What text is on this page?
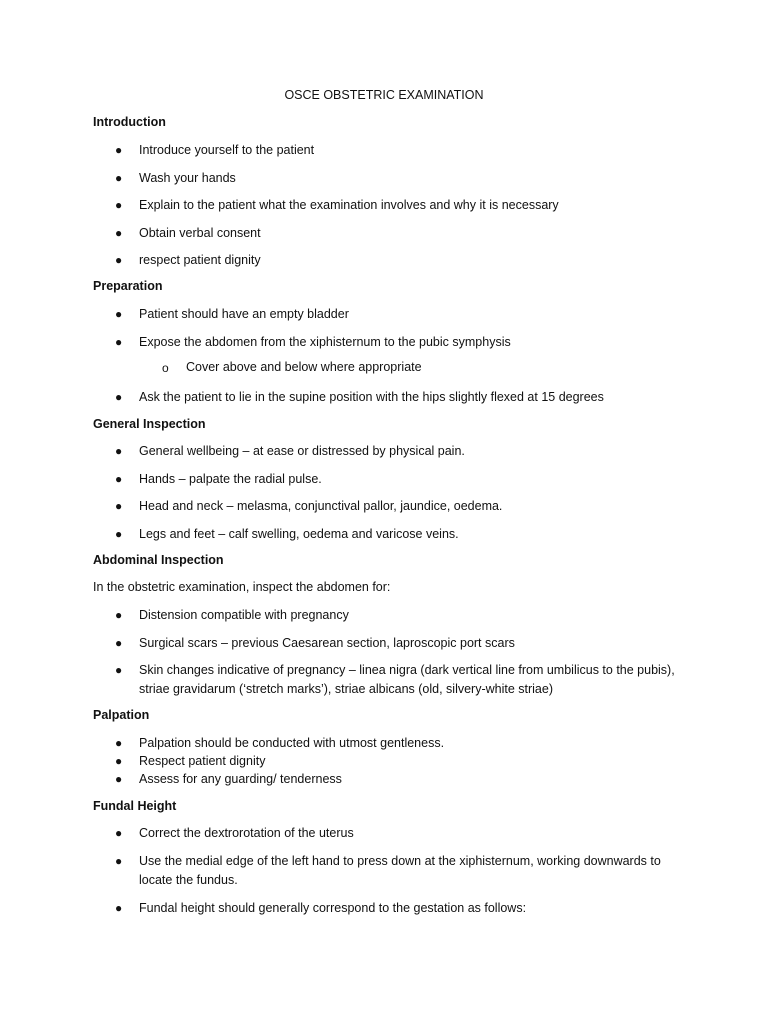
OSCE OBSTETRIC EXAMINATION
Introduction
● Introduce yourself to the patient
● Wash your hands
● Explain to the patient what the examination involves and why it is necessary
● Obtain verbal consent
● respect patient dignity
Preparation
● Patient should have an empty bladder
● Expose the abdomen from the xiphisternum to the pubic symphysis
o Cover above and below where appropriate
● Ask the patient to lie in the supine position with the hips slightly flexed at 15 degrees
General Inspection
● General wellbeing – at ease or distressed by physical pain.
● Hands – palpate the radial pulse.
● Head and neck – melasma, conjunctival pallor, jaundice, oedema.
● Legs and feet – calf swelling, oedema and varicose veins.
Abdominal Inspection
In the obstetric examination, inspect the abdomen for:
● Distension compatible with pregnancy
● Surgical scars – previous Caesarean section, laproscopic port scars
● Skin changes indicative of pregnancy – linea nigra (dark vertical line from umbilicus to the pubis), striae gravidarum (‘stretch marks’), striae albicans (old, silvery-white striae)
Palpation
● Palpation should be conducted with utmost gentleness.
● Respect patient dignity
● Assess for any guarding/ tenderness
Fundal Height
● Correct the dextrorotation of the uterus
● Use the medial edge of the left hand to press down at the xiphisternum, working downwards to locate the fundus.
● Fundal height should generally correspond to the gestation as follows:
